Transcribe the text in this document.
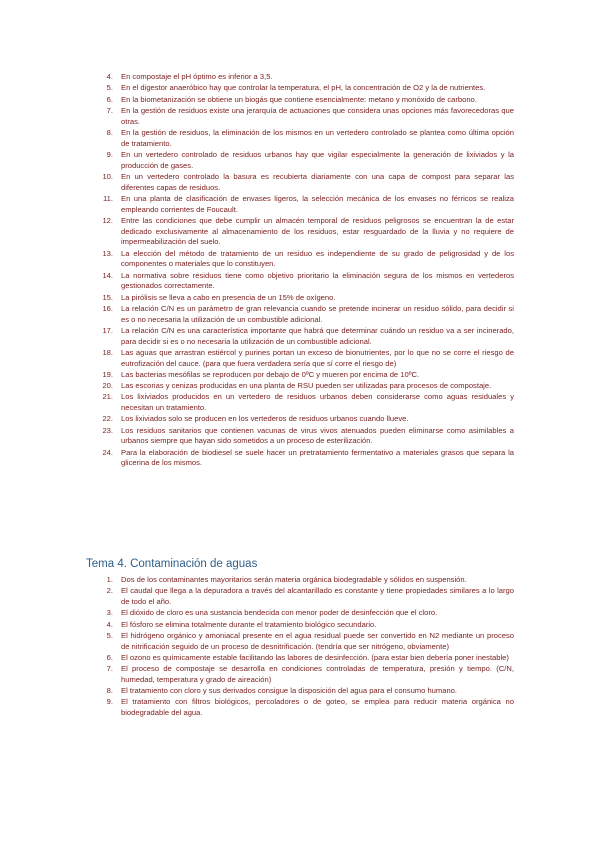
4. En compostaje el pH óptimo es inferior a 3,5.
5. En el digestor anaeróbico hay que controlar la temperatura, el pH, la concentración de O2 y la de nutrientes.
6. En la biometanización se obtiene un biogás que contiene esencialmente: metano y monóxido de carbono.
7. En la gestión de residuos existe una jerarquía de actuaciones que considera unas opciones más favorecedoras que otras.
8. En la gestión de residuos, la eliminación de los mismos en un vertedero controlado se plantea como última opción de tratamiento.
9. En un vertedero controlado de residuos urbanos hay que vigilar especialmente la generación de lixiviados y la producción de gases.
10. En un vertedero controlado la basura es recubierta diariamente con una capa de compost para separar las diferentes capas de residuos.
11. En una planta de clasificación de envases ligeros, la selección mecánica de los envases no férricos se realiza empleando corrientes de Foucault.
12. Entre las condiciones que debe cumplir un almacén temporal de residuos peligrosos se encuentran la de estar dedicado exclusivamente al almacenamiento de los residuos, estar resguardado de la lluvia y no requiere de impermeabilización del suelo.
13. La elección del método de tratamiento de un residuo es independiente de su grado de peligrosidad y de los componentes o materiales que lo constituyen.
14. La normativa sobre residuos tiene como objetivo prioritario la eliminación segura de los mismos en vertederos gestionados correctamente.
15. La pirólisis se lleva a cabo en presencia de un 15% de oxígeno.
16. La relación C/N es un parámetro de gran relevancia cuando se pretende incinerar un residuo sólido, para decidir si es o no necesaria la utilización de un combustible adicional.
17. La relación C/N es una característica importante que habrá que determinar cuándo un residuo va a ser incinerado, para decidir si es o no necesaria la utilización de un combustible adicional.
18. Las aguas que arrastran estiércol y purines portan un exceso de bionutrientes, por lo que no se corre el riesgo de eutrofización del cauce. (para que fuera verdadera sería que sí corre el riesgo de)
19. Las bacterias mesófilas se reproducen por debajo de 0ºC y mueren por encima de 10ºC.
20. Las escorias y cenizas producidas en una planta de RSU pueden ser utilizadas para procesos de compostaje.
21. Los lixiviados producidos en un vertedero de residuos urbanos deben considerarse como aguas residuales y necesitan un tratamiento.
22. Los lixiviados solo se producen en los vertederos de residuos urbanos cuando llueve.
23. Los residuos sanitarios que contienen vacunas de virus vivos atenuados pueden eliminarse como asimilables a urbanos siempre que hayan sido sometidos a un proceso de esterilización.
24. Para la elaboración de biodiesel se suele hacer un pretratamiento fermentativo a materiales grasos que separa la glicerina de los mismos.
Tema 4. Contaminación de aguas
1. Dos de los contaminantes mayoritarios serán materia orgánica biodegradable y sólidos en suspensión.
2. El caudal que llega a la depuradora a través del alcantarillado es constante y tiene propiedades similares a lo largo de todo el año.
3. El dióxido de cloro es una sustancia bendecida con menor poder de desinfección que el cloro.
4. El fósforo se elimina totalmente durante el tratamiento biológico secundario.
5. El hidrógeno orgánico y amoniacal presente en el agua residual puede ser convertido en N2 mediante un proceso de nitrificación seguido de un proceso de desnitrificación. (tendría que ser nitrógeno, obviamente)
6. El ozono es químicamente estable facilitando las labores de desinfección. (para estar bien debería poner inestable)
7. El proceso de compostaje se desarrolla en condiciones controladas de temperatura, presión y tiempo. (C/N, humedad, temperatura y grado de aireación)
8. El tratamiento con cloro y sus derivados consigue la disposición del agua para el consumo humano.
9. El tratamiento con filtros biológicos, percoladores o de goteo, se emplea para reducir materia orgánica no biodegradable del agua.
